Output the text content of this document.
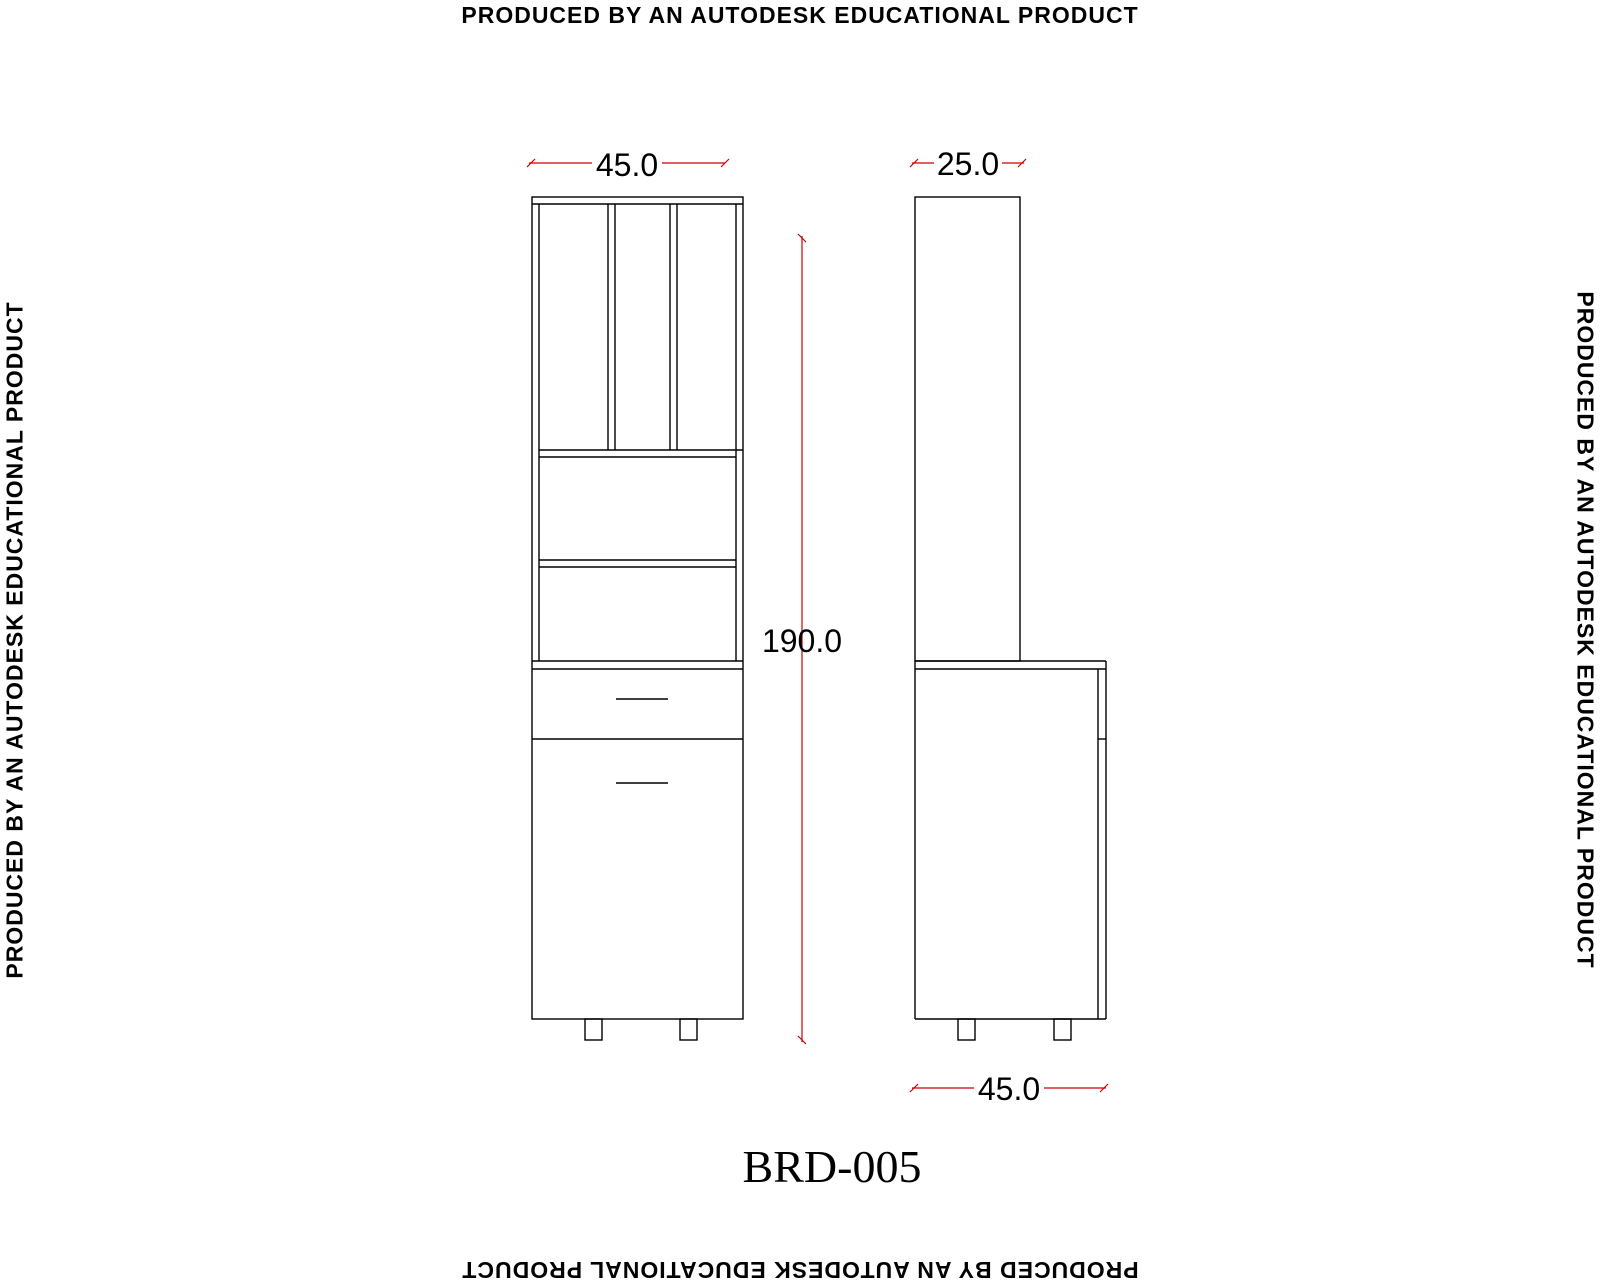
PRODUCED BY AN AUTODESK EDUCATIONAL PRODUCT
PRODUCED BY AN AUTODESK EDUCATIONAL PRODUCT	PRODUCED BY AN AUTODESK EDUCATIONAL PRODUCT
PRODUCED BY AN AUTODESK EDUCATIONAL PRODUCT
45.0	25.0
190.0
45.0
BRD-005
